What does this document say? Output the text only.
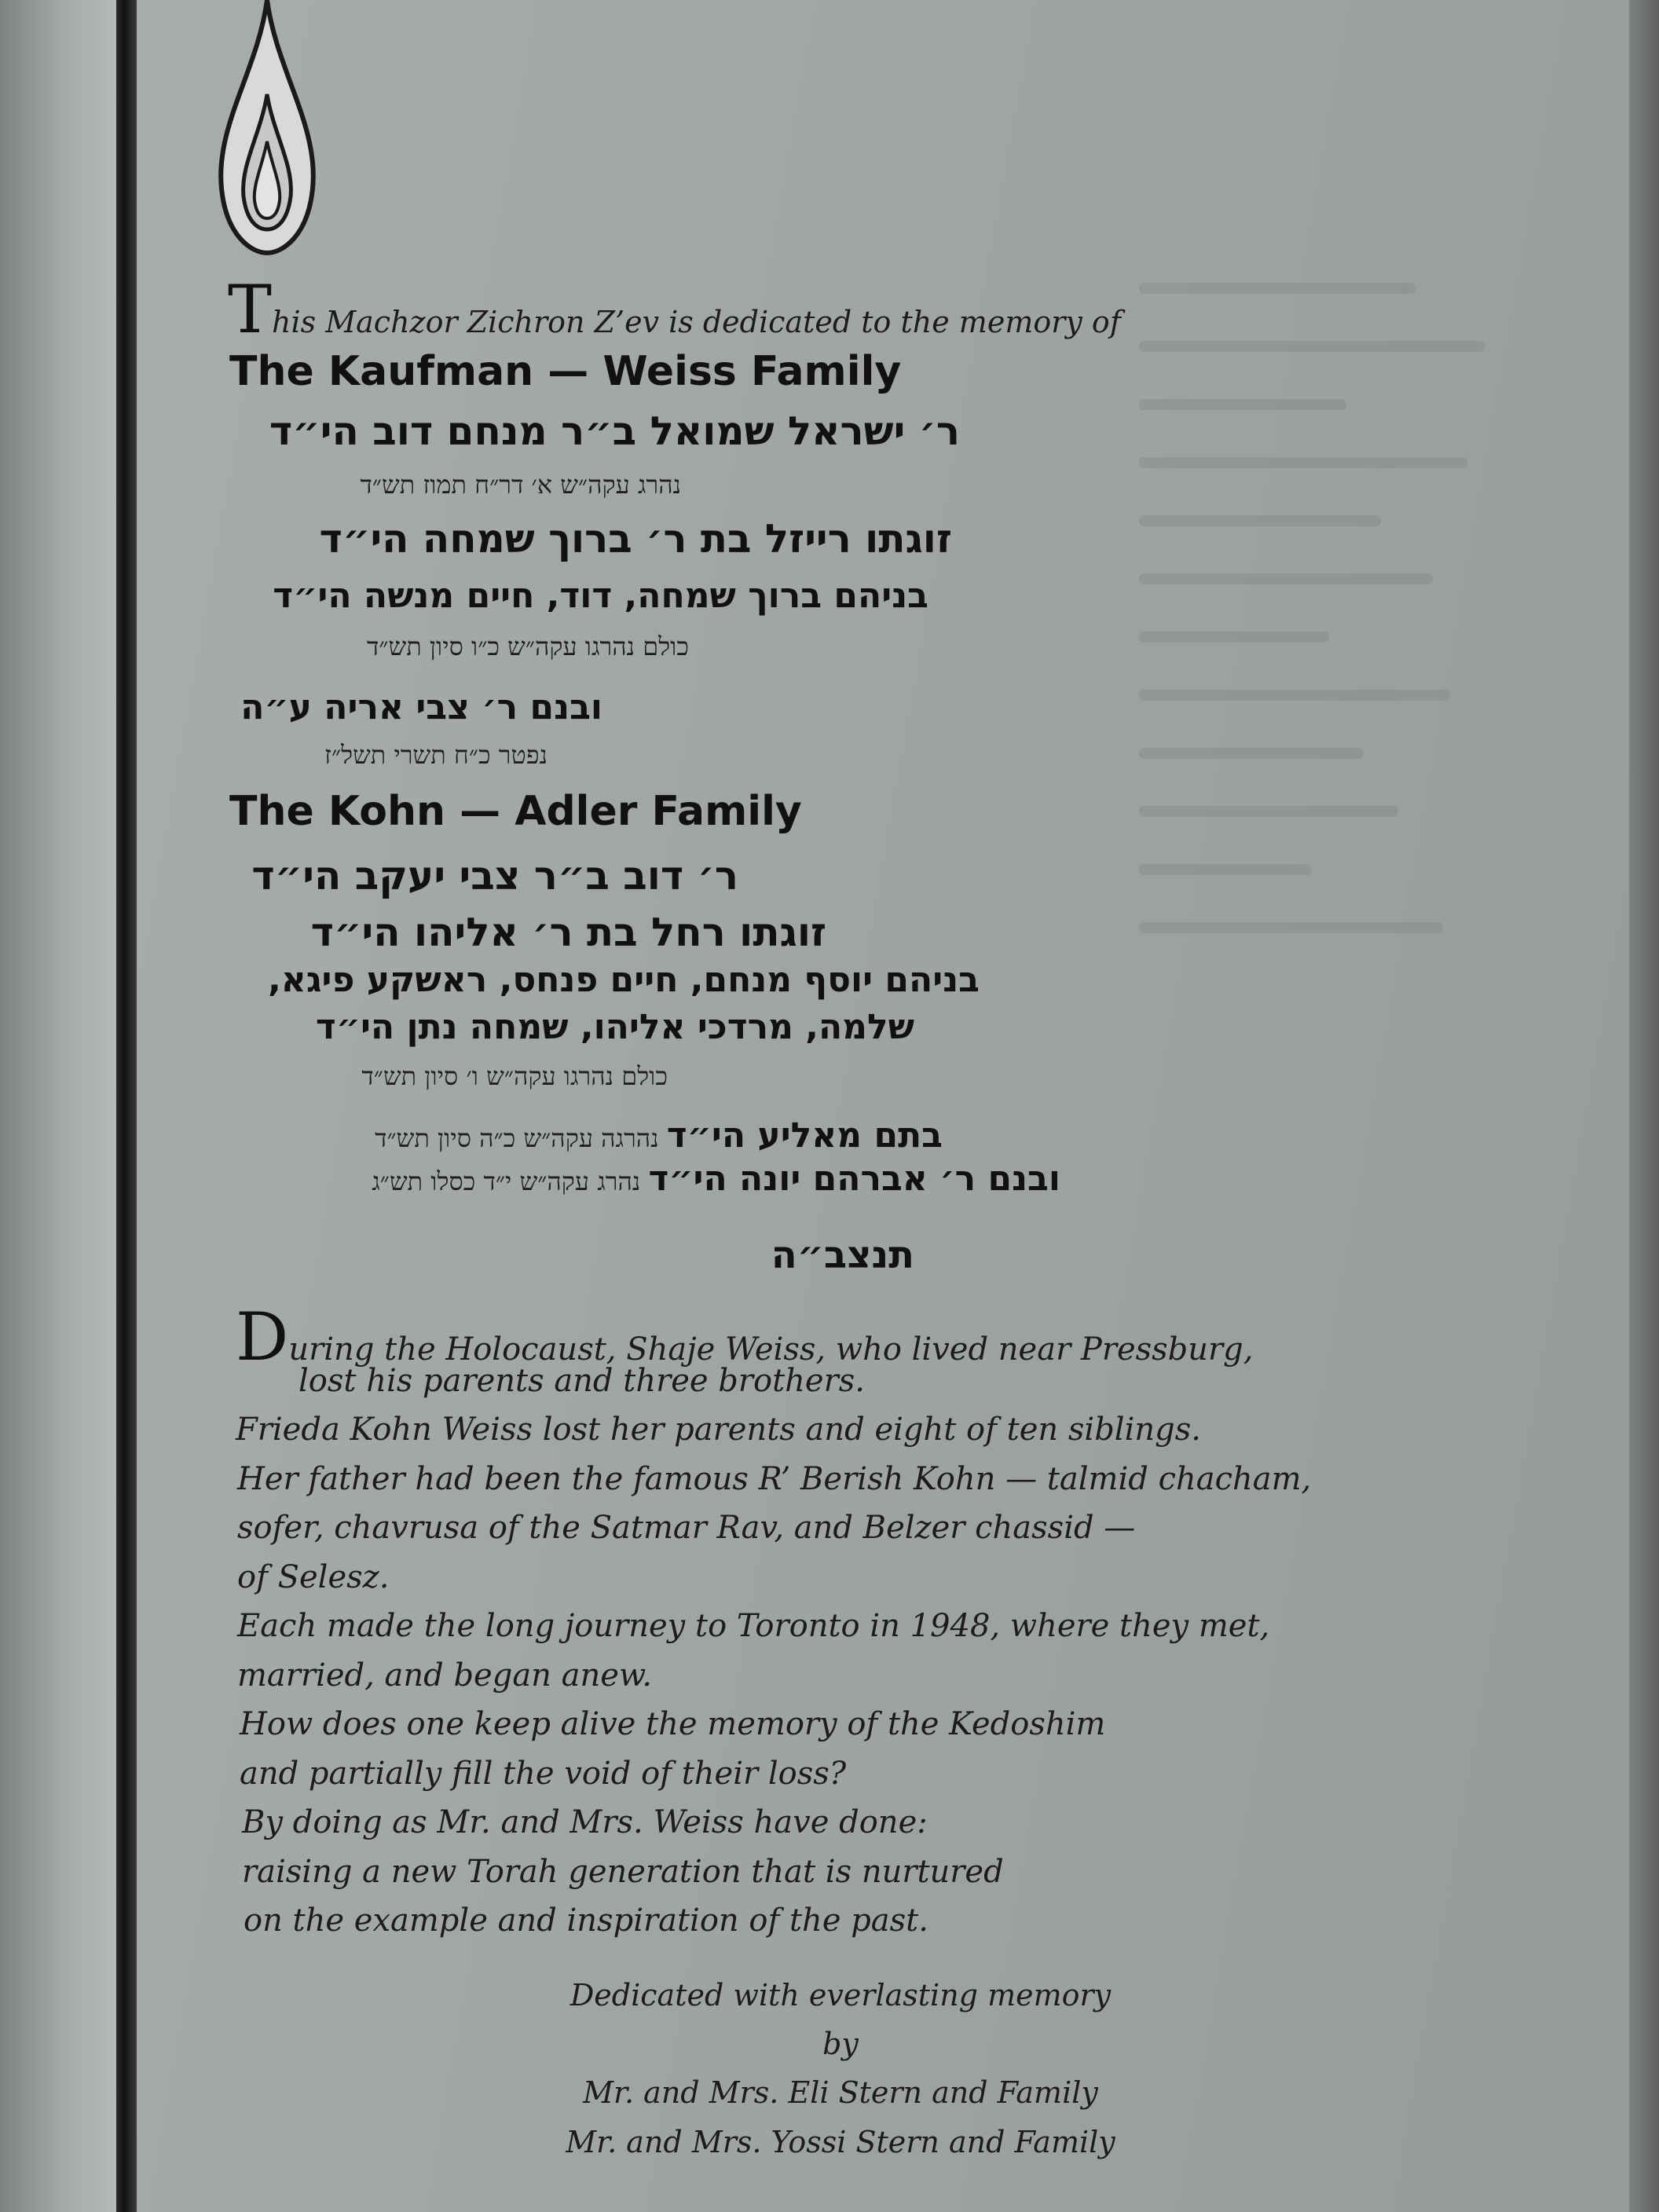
This Machzor Zichron Z’ev is dedicated to the memory of
The Kaufman — Weiss Family
ר׳ ישראל שמואל ב״ר מנחם דוב הי״ד
נהרג עקה״ש א׳ דר״ח תמוז תש״ד
זוגתו רייזל בת ר׳ ברוך שמחה הי״ד
בניהם ברוך שמחה, דוד, חיים מנשה הי״ד
כולם נהרגו עקה״ש כ״ו סיון תש״ד
ובנם ר׳ צבי אריה ע״ה
נפטר כ״ח תשרי תשל״ז
The Kohn — Adler Family
ר׳ דוב ב״ר צבי יעקב הי״ד
זוגתו רחל בת ר׳ אליהו הי״ד
בניהם יוסף מנחם, חיים פנחס, ראשקע פיגא,
שלמה, מרדכי אליהו, שמחה נתן הי״ד
כולם נהרגו עקה״ש ו׳ סיון תש״ד
בתם מאליע הי״ד נהרגה עקה״ש כ״ה סיון תש״ד
ובנם ר׳ אברהם יונה הי״ד נהרג עקה״ש י״ד כסלו תש״ג
תנצב״ה
During the Holocaust, Shaje Weiss, who lived near Pressburg,
lost his parents and three brothers.
Frieda Kohn Weiss lost her parents and eight of ten siblings.
Her father had been the famous R’ Berish Kohn — talmid chacham,
sofer, chavrusa of the Satmar Rav, and Belzer chassid —
of Selesz.
Each made the long journey to Toronto in 1948, where they met,
married, and began anew.
How does one keep alive the memory of the Kedoshim
and partially fill the void of their loss?
By doing as Mr. and Mrs. Weiss have done:
raising a new Torah generation that is nurtured
on the example and inspiration of the past.
Dedicated with everlasting memory
by
Mr. and Mrs. Eli Stern and Family
Mr. and Mrs. Yossi Stern and Family
